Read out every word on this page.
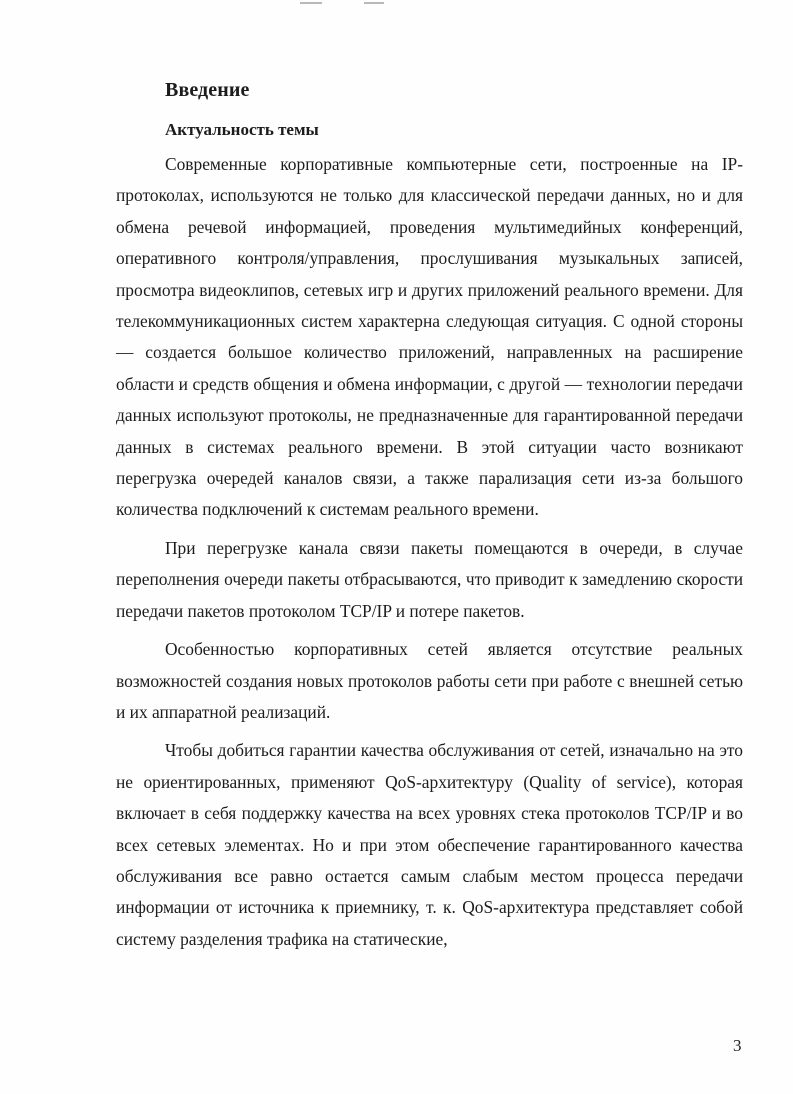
Введение
Актуальность темы

Современные корпоративные компьютерные сети, построенные на IP-протоколах, используются не только для классической передачи данных, но и для обмена речевой информацией, проведения мультимедийных конференций, оперативного контроля/управления, прослушивания музыкальных записей, просмотра видеоклипов, сетевых игр и других приложений реального времени. Для телекоммуникационных систем характерна следующая ситуация. С одной стороны — создается большое количество приложений, направленных на расширение области и средств общения и обмена информации, с другой — технологии передачи данных используют протоколы, не предназначенные для гарантированной передачи данных в системах реального времени. В этой ситуации часто возникают перегрузка очередей каналов связи, а также парализация сети из-за большого количества подключений к системам реального времени.

При перегрузке канала связи пакеты помещаются в очереди, в случае переполнения очереди пакеты отбрасываются, что приводит к замедлению скорости передачи пакетов протоколом TCP/IP и потере пакетов.

Особенностью корпоративных сетей является отсутствие реальных возможностей создания новых протоколов работы сети при работе с внешней сетью и их аппаратной реализаций.

Чтобы добиться гарантии качества обслуживания от сетей, изначально на это не ориентированных, применяют QoS-архитектуру (Quality of service), которая включает в себя поддержку качества на всех уровнях стека протоколов TCP/IP и во всех сетевых элементах. Но и при этом обеспечение гарантированного качества обслуживания все равно остается самым слабым местом процесса передачи информации от источника к приемнику, т. к. QoS-архитектура представляет собой систему разделения трафика на статические,

3
